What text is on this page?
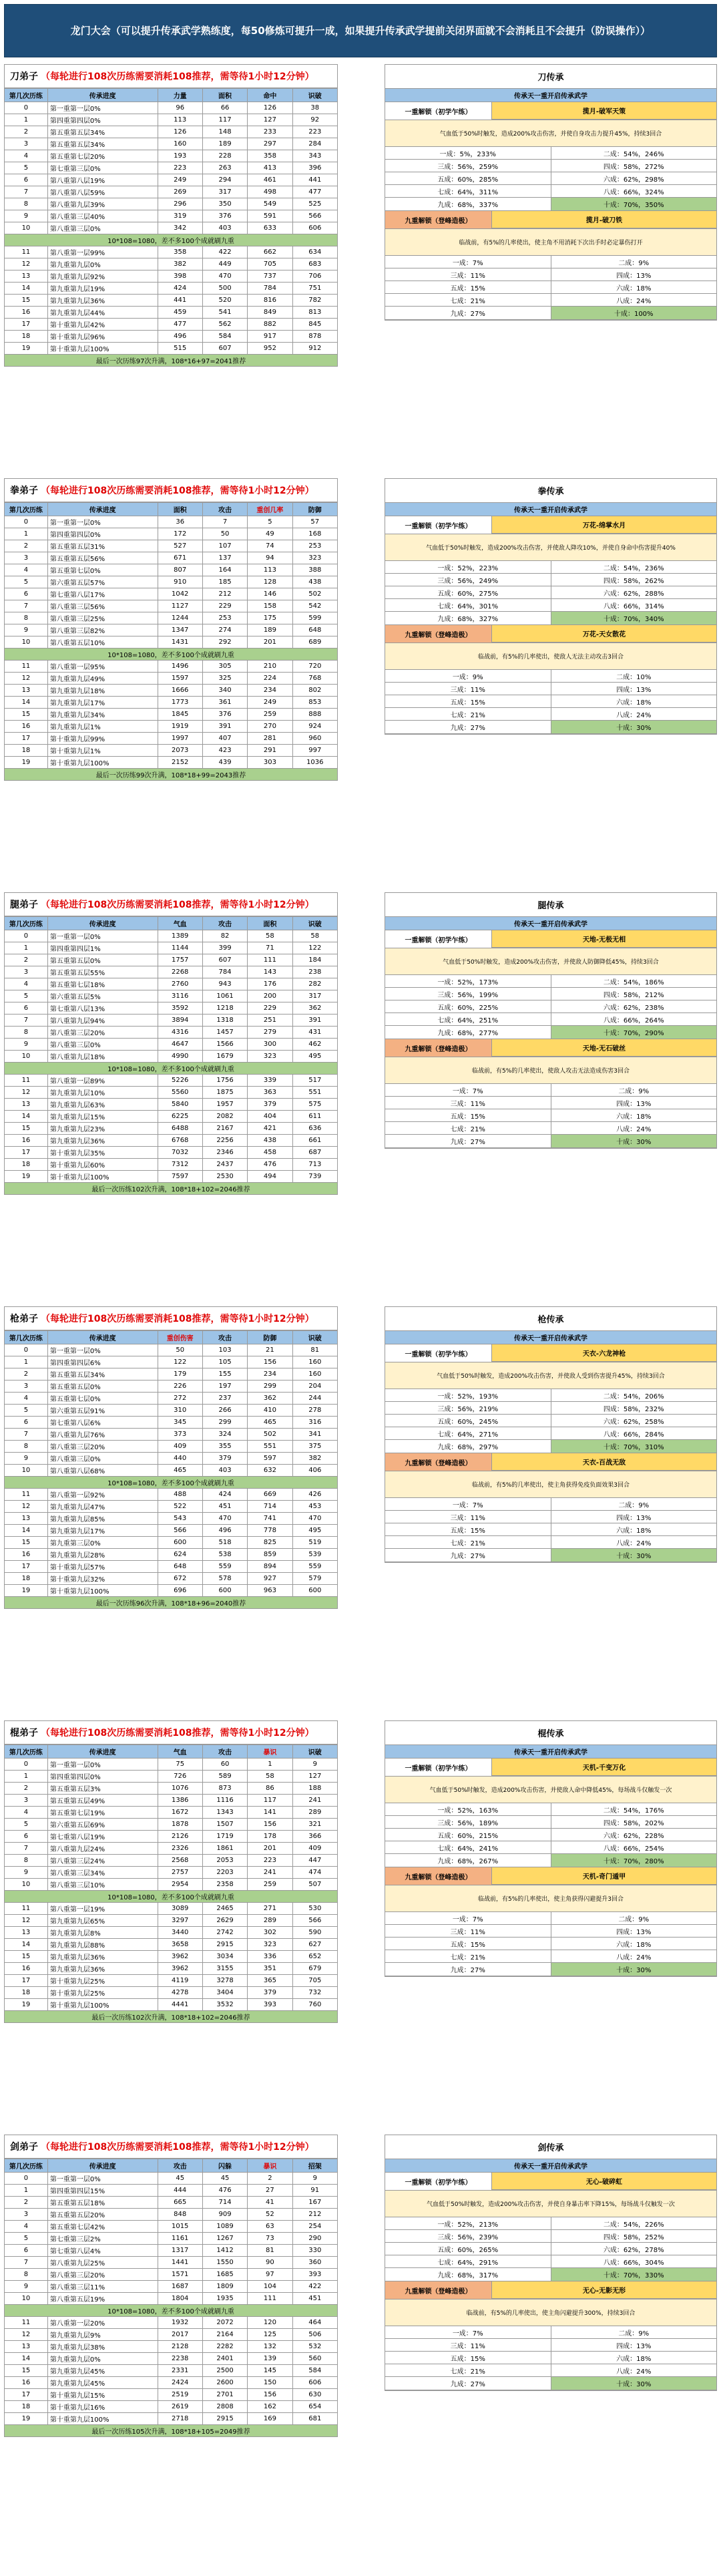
龙门大会（可以提升传承武学熟练度，每50修炼可提升一成，如果提升传承武学提前关闭界面就不会消耗且不会提升（防误操作））
刀弟子 （每轮进行108次历练需要消耗108推荐，需等待1小时12分钟）
第几次历练	传承进度	力量	面积	命中	识破
0	第一重第一层0%	96	66	126	38
1	第四重第四层0%	113	117	127	92
2	第五重第五层34%	126	148	233	223
3	第五重第五层34%	160	189	297	284
4	第五重第七层20%	193	228	358	343
5	第七重第三层0%	223	263	413	396
6	第八重第八层19%	249	294	461	441
7	第八重第八层59%	269	317	498	477
8	第八重第九层39%	296	350	549	525
9	第八重第三层40%	319	376	591	566
10	第八重第三层0%	342	403	633	606
10*108=1080，差不多100个成就刷九重					
11	第八重第一层99%	358	422	662	634
12	第九重第九层0%	382	449	705	683
13	第九重第九层92%	398	470	737	706
14	第九重第九层19%	424	500	784	751
15	第九重第九层36%	441	520	816	782
16	第九重第九层44%	459	541	849	813
17	第十重第九层42%	477	562	882	845
18	第十重第九层96%	496	584	917	878
19	第十重第九层100%	515	607	952	912
最后一次历练97次升满，108*16+97=2041推荐					
刀传承
传承天一重开启传承武学
一重解锁（初学乍练）	揽月-破军天策
气血低于50%时触发，造成200%攻击伤害，并使自身攻击力提升45%，持续3回合
一成：5%，233%	二成：54%，246%
三成：56%，259%	四成：58%，272%
五成：60%，285%	六成：62%，298%
七成：64%，311%	八成：66%，324%
九成：68%，337%	十成：70%，350%
九重解锁（登峰造极）	揽月-破刀铁
临战前，有5%的几率使出，使主角不用消耗下次出手时必定暴伤打开
一成：7%	二成：9%
三成：11%	四成：13%
五成：15%	六成：18%
七成：21%	八成：24%
九成：27%	十成：100%
拳弟子 （每轮进行108次历练需要消耗108推荐，需等待1小时12分钟）
第几次历练	传承进度	面积	攻击	重创几率	防御
0	第一重第一层0%	36	7	5	57
1	第四重第四层0%	172	50	49	168
2	第五重第五层31%	527	107	74	253
3	第五重第五层56%	671	137	94	323
4	第五重第七层0%	807	164	113	388
5	第六重第五层57%	910	185	128	438
6	第七重第八层17%	1042	212	146	502
7	第八重第三层56%	1127	229	158	542
8	第八重第三层25%	1244	253	175	599
9	第八重第三层82%	1347	274	189	648
10	第八重第五层10%	1431	292	201	689
10*108=1080，差不多100个成就刷九重					
11	第八重第一层95%	1496	305	210	720
12	第九重第九层49%	1597	325	224	768
13	第九重第九层18%	1666	340	234	802
14	第九重第九层17%	1773	361	249	853
15	第九重第九层34%	1845	376	259	888
16	第九重第九层1%	1919	391	270	924
17	第十重第九层99%	1997	407	281	960
18	第十重第九层1%	2073	423	291	997
19	第十重第九层100%	2152	439	303	1036
最后一次历练99次升满，108*18+99=2043推荐					
拳传承
传承天一重开启传承武学
一重解锁（初学乍练）	万花-绵掌水月
气血低于50%时触发，造成200%攻击伤害，并使敌人降攻10%，并使自身命中伤害提升40%
一成：52%，223%	二成：54%，236%
三成：56%，249%	四成：58%，262%
五成：60%，275%	六成：62%，288%
七成：64%，301%	八成：66%，314%
九成：68%，327%	十成：70%，340%
九重解锁（登峰造极）	万花-天女散花
临战前，有5%的几率使出，使敌人无法主动攻击3回合
一成：9%	二成：10%
三成：11%	四成：13%
五成：15%	六成：18%
七成：21%	八成：24%
九成：27%	十成：30%
腿弟子 （每轮进行108次历练需要消耗108推荐，需等待1小时12分钟）
第几次历练	传承进度	气血	攻击	面积	识破
0	第一重第一层0%	1389	82	58	58
1	第四重第四层1%	1144	399	71	122
2	第五重第五层0%	1757	607	111	184
3	第五重第五层55%	2268	784	143	238
4	第五重第七层18%	2760	943	176	282
5	第六重第五层5%	3116	1061	200	317
6	第七重第八层13%	3592	1218	229	362
7	第八重第九层94%	3894	1318	251	391
8	第八重第三层20%	4316	1457	279	431
9	第八重第三层0%	4647	1566	300	462
10	第八重第九层18%	4990	1679	323	495
10*108=1080，差不多100个成就刷九重					
11	第八重第一层89%	5226	1756	339	517
12	第九重第九层10%	5560	1875	363	551
13	第九重第九层63%	5840	1957	379	575
14	第九重第九层15%	6225	2082	404	611
15	第九重第九层23%	6488	2167	421	636
16	第九重第九层36%	6768	2256	438	661
17	第十重第九层35%	7032	2346	458	687
18	第十重第九层60%	7312	2437	476	713
19	第十重第九层100%	7597	2530	494	739
最后一次历练102次升满，108*18+102=2046推荐					
腿传承
传承天一重开启传承武学
一重解锁（初学乍练）	天地-无极无相
气血低于50%时触发，造成200%攻击伤害，并使敌人防御降低45%，持续3回合
一成：52%，173%	二成：54%，186%
三成：56%，199%	四成：58%，212%
五成：60%，225%	六成：62%，238%
七成：64%，251%	八成：66%，264%
九成：68%，277%	十成：70%，290%
九重解锁（登峰造极）	天地-无石破丝
临战前，有5%的几率使出，使敌人攻击无法造成伤害3回合
一成：7%	二成：9%
三成：11%	四成：13%
五成：15%	六成：18%
七成：21%	八成：24%
九成：27%	十成：30%
枪弟子 （每轮进行108次历练需要消耗108推荐，需等待1小时12分钟）
第几次历练	传承进度	重创伤害	攻击	防御	识破
0	第一重第一层0%	50	103	21	81
1	第四重第四层6%	122	105	156	160
2	第五重第五层34%	179	155	234	160
3	第五重第五层0%	226	197	299	204
4	第五重第七层0%	272	237	362	244
5	第六重第五层91%	310	266	410	278
6	第七重第八层6%	345	299	465	316
7	第八重第九层76%	373	324	502	341
8	第八重第三层20%	409	355	551	375
9	第八重第三层0%	440	379	597	382
10	第八重第八层68%	465	403	632	406
10*108=1080，差不多100个成就刷九重					
11	第八重第一层92%	488	424	669	426
12	第九重第九层47%	522	451	714	453
13	第九重第九层85%	543	470	741	470
14	第九重第九层17%	566	496	778	495
15	第九重第三层0%	600	518	825	519
16	第九重第九层28%	624	538	859	539
17	第十重第九层57%	648	559	894	559
18	第十重第九层32%	672	578	927	579
19	第十重第九层100%	696	600	963	600
最后一次历练96次升满，108*18+96=2040推荐					
枪传承
传承天一重开启传承武学
一重解锁（初学乍练）	天衣-六龙神枪
气血低于50%时触发，造成200%攻击伤害，并使敌人受到伤害提升45%，持续3回合
一成：52%，193%	二成：54%，206%
三成：56%，219%	四成：58%，232%
五成：60%，245%	六成：62%，258%
七成：64%，271%	八成：66%，284%
九成：68%，297%	十成：70%，310%
九重解锁（登峰造极）	天衣-百战无敌
临战前，有5%的几率使出，使主角获得免疫负面效果3回合
一成：7%	二成：9%
三成：11%	四成：13%
五成：15%	六成：18%
七成：21%	八成：24%
九成：27%	十成：30%
棍弟子 （每轮进行108次历练需要消耗108推荐，需等待1小时12分钟）
第几次历练	传承进度	气血	攻击	暴识	识破
0	第一重第一层0%	75	60	1	9
1	第四重第四层0%	726	589	58	127
2	第五重第五层3%	1076	873	86	188
3	第五重第五层49%	1386	1116	117	241
4	第五重第七层19%	1672	1343	141	289
5	第六重第五层69%	1878	1507	156	321
6	第七重第八层19%	2126	1719	178	366
7	第八重第九层24%	2326	1861	201	409
8	第八重第三层24%	2568	2053	223	447
9	第八重第三层34%	2757	2203	241	474
10	第八重第三层10%	2954	2358	259	507
10*108=1080，差不多100个成就刷九重					
11	第八重第一层19%	3089	2465	271	530
12	第九重第九层65%	3297	2629	289	566
13	第九重第九层8%	3440	2742	302	590
14	第九重第九层88%	3658	2915	323	627
15	第九重第九层36%	3962	3034	336	652
16	第九重第九层36%	3962	3155	351	679
17	第十重第九层25%	4119	3278	365	705
18	第十重第九层25%	4278	3404	379	732
19	第十重第九层100%	4441	3532	393	760
最后一次历练102次升满，108*18+102=2046推荐					
棍传承
传承天一重开启传承武学
一重解锁（初学乍练）	天机-千变万化
气血低于50%时触发，造成200%攻击伤害，并使敌人命中降低45%，每场战斗仅触发一次
一成：52%，163%	二成：54%，176%
三成：56%，189%	四成：58%，202%
五成：60%，215%	六成：62%，228%
七成：64%，241%	八成：66%，254%
九成：68%，267%	十成：70%，280%
九重解锁（登峰造极）	天机-奇门遁甲
临战前，有5%的几率使出，使主角获得闪避提升3回合
一成：7%	二成：9%
三成：11%	四成：13%
五成：15%	六成：18%
七成：21%	八成：24%
九成：27%	十成：30%
剑弟子 （每轮进行108次历练需要消耗108推荐，需等待1小时12分钟）
第几次历练	传承进度	攻击	闪躲	暴识	招架
0	第一重第一层0%	45	45	2	9
1	第四重第四层15%	444	476	27	91
2	第五重第五层18%	665	714	41	167
3	第五重第五层20%	848	909	52	212
4	第五重第七层42%	1015	1089	63	254
5	第七重第三层2%	1161	1267	73	290
6	第七重第八层4%	1317	1412	81	330
7	第八重第九层25%	1441	1550	90	360
8	第八重第三层20%	1571	1685	97	393
9	第八重第三层11%	1687	1809	104	422
10	第八重第五层19%	1804	1935	111	451
10*108=1080，差不多100个成就刷九重					
11	第八重第一层20%	1932	2072	120	464
12	第九重第九层9%	2017	2164	125	506
13	第九重第九层38%	2128	2282	132	532
14	第九重第九层0%	2238	2401	139	560
15	第九重第九层45%	2331	2500	145	584
16	第九重第九层45%	2424	2600	150	606
17	第十重第九层15%	2519	2701	156	630
18	第十重第九层16%	2619	2808	162	654
19	第十重第九层100%	2718	2915	169	681
最后一次历练105次升满，108*18+105=2049推荐					
剑传承
传承天一重开启传承武学
一重解锁（初学乍练）	无心-破碎虹
气血低于50%时触发，造成200%攻击伤害，并使自身暴击率下降15%，每场战斗仅触发一次
一成：52%，213%	二成：54%，226%
三成：56%，239%	四成：58%，252%
五成：60%，265%	六成：62%，278%
七成：64%，291%	八成：66%，304%
九成：68%，317%	十成：70%，330%
九重解锁（登峰造极）	无心-无影无形
临战前，有5%的几率使出，使主角闪避提升300%，持续3回合
一成：7%	二成：9%
三成：11%	四成：13%
五成：15%	六成：18%
七成：21%	八成：24%
九成：27%	十成：30%
